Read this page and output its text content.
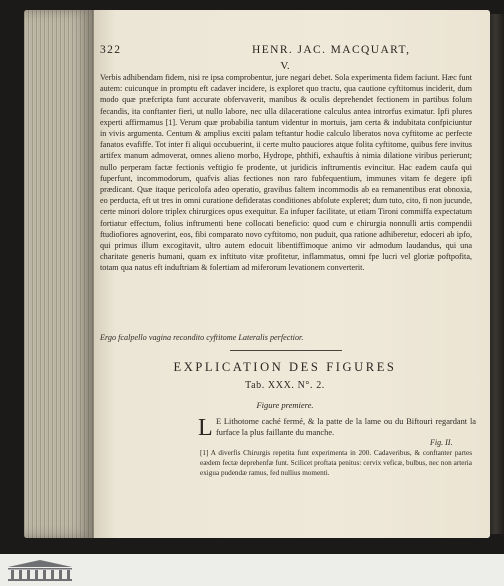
322	HENR. JAC. MACQUART,
V.

Verbis adhibendam fidem, nisi re ipsa comprobentur, jure negari debet. Sola experimenta fidem faciunt. Hæc funt autem: cuicunque in promptu eft cadaver incidere, is exploret quo tractu, qua cautione cyftitomus inciderit, dum modo quæ præfcripta funt accurate obfervaverit, manibus & oculis deprehendet fectionem in partibus folum fecandis, ita conftanter fieri, ut nullo labore, nec ulla dilaceratione calculus antea introrfus eximatur. Ipfi plures experti affirmamus [1]. Verum quæ probabilia tantum videntur in mortuis, jam certa & indubitata confpiciuntur in vivis argumenta. Centum & amplius exciti palam teftantur hodie calculo liberatos nova cyftitome ac perfecte fanatos evafiffe. Tot inter fi aliqui occubuerint, ii certe multo pauciores atque folita cyftitome, quibus fere invitus artifex manum admoverat, omnes alieno morbo, Hydrope, phthifi, exhauftis à nimia dilatione viribus perierunt; nullo perperam factæ fectionis veftigio fe prodente, ut juridicis inftrumentis evincitur. Hac eadem caufa qui fuperfunt, incommodorum, quafvis alias fectiones non raro fubfequentium, immunes vitam fe degere ipfi prædicant. Quæ itaque pericolofa adeo operatio, gravibus faltem incommodis ab ea remanentibus erat obnoxia, eo perducta, eft ut tres in omni curatione defideratas conditiones abfolute expleret; dum tuto, cito, fi non jucunde, certe minori dolore triplex chirurgices opus exequitur. Ea infuper facilitate, ut etiam Tironi commiffa expectatum fortiatur effectum, folius inftrumenti bene collocati beneficio: quod cum e chirurgia nonnulli artis compendii ftudiofiores agnoverint, eos, fibi comparato novo cyftitomo, non puduit, qua ratione adhiberetur, edoceri ab ipfo, qui primus illum excogitavit, ultro autem edocuit libentiffimoque animo vir admodum laudandus, qui una charitate generis humani, quam ex inftituto vitæ profitetur, inflammatus, omni fpe lucri vel gloriæ poftpofita, totam qua natus eft induftriam & folertiam ad miferorum levationem converterit.

Ergo fcalpello vagina recondito cyftitome Lateralis perfectior.
EXPLICATION DES FIGURES
Tab. XXX. N°. 2.
Figure premiere.
L E Lithotome caché fermé, & la patte de la lame ou du Biftouri regardant la furface la plus faillante du manche.
Fig. II.
[1] A diverfis Chirurgis repetita funt experimenta in 200. Cadaveribus, & conftanter partes eædem fectæ deprehenfæ funt. Scilicet proftata penitus: cervix veficæ, bulbus, nec non arteria exigua pudendæ ramus, fed nullius momenti.
